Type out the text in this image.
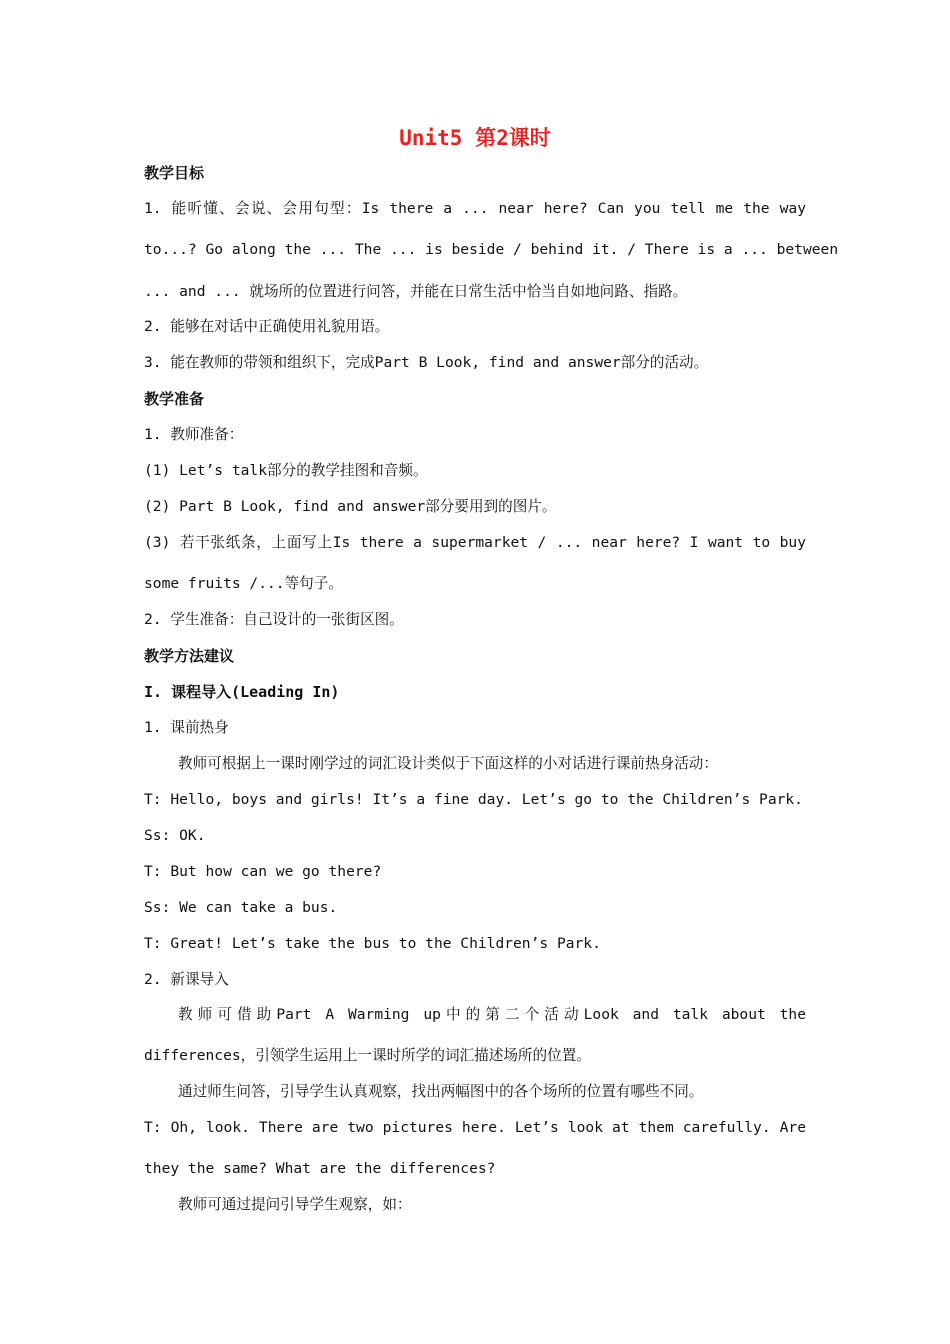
Unit5 第2课时
教学目标
1. 能听懂、会说、会用句型：Is there a ... near here? Can you tell me the way
to...? Go along the ... The ... is beside / behind it. / There is a ... between
... and ... 就场所的位置进行问答，并能在日常生活中恰当自如地问路、指路。
2. 能够在对话中正确使用礼貌用语。
3. 能在教师的带领和组织下，完成Part B Look, find and answer部分的活动。
教学准备
1. 教师准备：
(1) Let’s talk部分的教学挂图和音频。
(2) Part B Look, find and answer部分要用到的图片。
(3) 若干张纸条，上面写上Is there a supermarket / ... near here? I want to buy
some fruits /...等句子。
2. 学生准备：自己设计的一张街区图。
教学方法建议
I. 课程导入(Leading In)
1. 课前热身
教师可根据上一课时刚学过的词汇设计类似于下面这样的小对话进行课前热身活动：
T: Hello, boys and girls! It’s a fine day. Let’s go to the Children’s Park.
Ss: OK.
T: But how can we go there?
Ss: We can take a bus.
T: Great! Let’s take the bus to the Children’s Park.
2. 新课导入
教师可借助Part A Warming up中的第二个活动Look and talk about the
differences，引领学生运用上一课时所学的词汇描述场所的位置。
通过师生问答，引导学生认真观察，找出两幅图中的各个场所的位置有哪些不同。
T: Oh, look. There are two pictures here. Let’s look at them carefully. Are
they the same? What are the differences?
教师可通过提问引导学生观察，如：
